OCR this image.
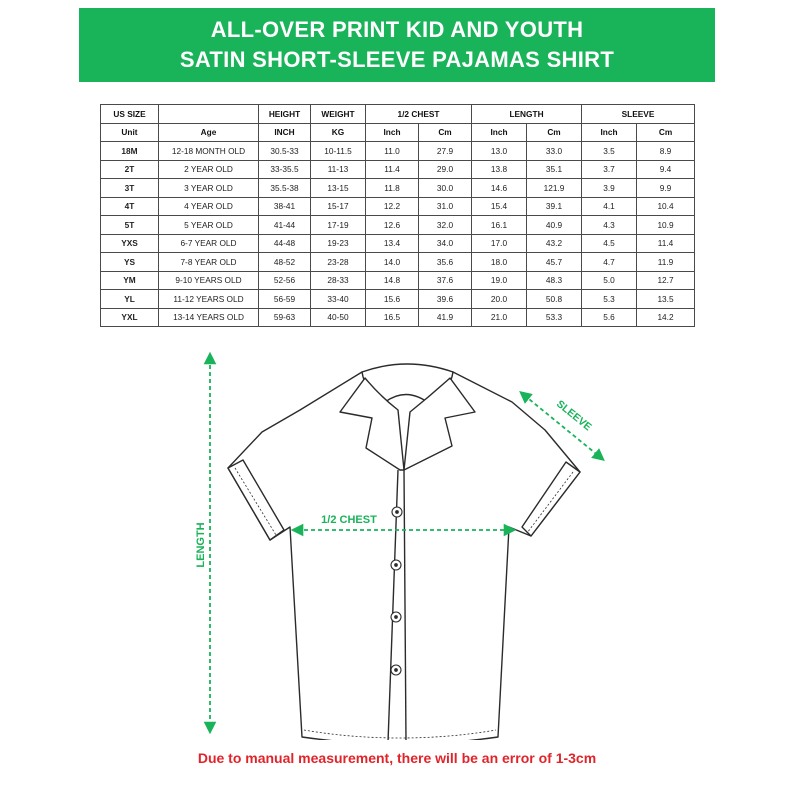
ALL-OVER PRINT KID AND YOUTH
SATIN SHORT-SLEEVE PAJAMAS SHIRT
US SIZE		HEIGHT	WEIGHT	1/2 CHEST		LENGTH		SLEEVE	
Unit	Age	INCH	KG	Inch	Cm	Inch	Cm	Inch	Cm
18M	12-18 MONTH OLD	30.5-33	10-11.5	11.0	27.9	13.0	33.0	3.5	8.9
2T	2 YEAR OLD	33-35.5	11-13	11.4	29.0	13.8	35.1	3.7	9.4
3T	3 YEAR OLD	35.5-38	13-15	11.8	30.0	14.6	121.9	3.9	9.9
4T	4 YEAR OLD	38-41	15-17	12.2	31.0	15.4	39.1	4.1	10.4
5T	5 YEAR OLD	41-44	17-19	12.6	32.0	16.1	40.9	4.3	10.9
YXS	6-7 YEAR OLD	44-48	19-23	13.4	34.0	17.0	43.2	4.5	11.4
YS	7-8 YEAR OLD	48-52	23-28	14.0	35.6	18.0	45.7	4.7	11.9
YM	9-10 YEARS OLD	52-56	28-33	14.8	37.6	19.0	48.3	5.0	12.7
YL	11-12 YEARS OLD	56-59	33-40	15.6	39.6	20.0	50.8	5.3	13.5
YXL	13-14 YEARS OLD	59-63	40-50	16.5	41.9	21.0	53.3	5.6	14.2
LENGTH
1/2 CHEST
SLEEVE
Due to manual measurement, there will be an error of 1-3cm
